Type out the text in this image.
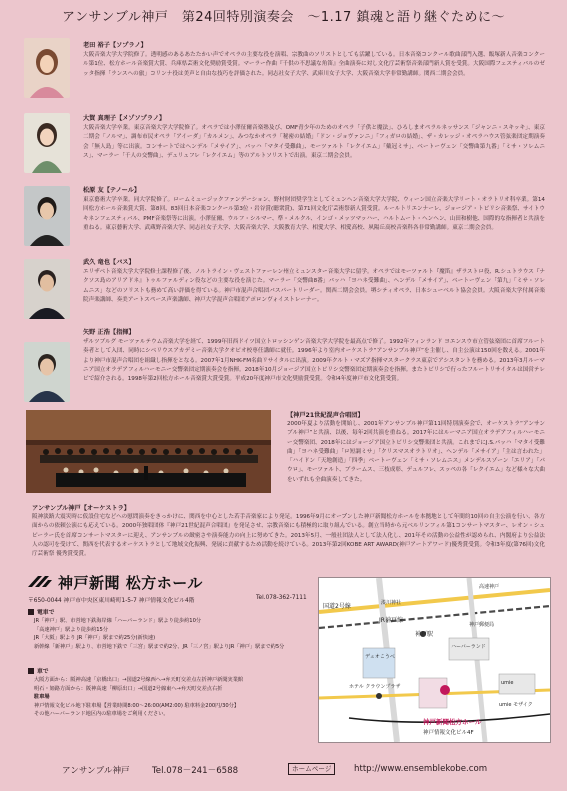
アンサンブル神戸　第24回特別演奏会　～1.17 鎮魂と語り継ぐために～
老田 裕子【ソプラノ】
大阪音楽大学大学院修了。透明感のあるあたたかい声でオペラの主要な役を演唱、宗教曲のソリストとしても活躍している。日本音楽コンクール歌曲部門入選、飯塚新人音楽コンクール第1位、松方ホール音楽賞大賞、兵庫県芸術文化奨励賞受賞。マーラー作曲『千供の不思議な角笛』全曲演奏に対し文化庁芸術祭音楽部門新人賞を受賞。大阪国際フェスティバルのゼッタ指揮「ランスへの旅」コリンナ役は美声と自由な技巧を評価された。同志社女子大学、武庫川女子大学、大阪音楽大学非常勤講師。関西二期会会員。
大賀 真理子【メゾソプラノ】
大阪音楽大学卒業。東京音楽大学大学院修了。オペラでは小澤征爾音楽塾及び、OMF青少年のためのオペラ「子供と魔法」、ひろしまオペラルネッサンス「ジャンニ・スキッキ」、東京二期会「ノルマ」、調布市民オペラ「アイーダ」「カルメン」、みつなかオペラ「秘密の結婚」「ドン・ジョヴァンニ」「フィガロの結婚」、ザ・カレッジ・オペラハウス管弦楽団定期演奏会「無人島」等に出演。コンサートではヘンデル「メサイア」、バッハ「マタイ受難曲」、モーツァルト「レクイエム」「戴冠ミサ」、ベートーヴェン「交響曲第九番」「ミサ・ソレムニス」、マーラー「千人の交響曲」、デュリュフレ「レクイエム」等のアルトソリストで出演。東京二期会会員。
松原 友【テノール】
東京藝術大学卒業。同大学院修了。ロームミュージックファンデーション、野村財団奨学生としてミュンヘン音楽大学大学院、ウィーン国立音楽大学リート・オラトリオ科卒業。第14回松方ホール音楽賞大賞、第8回、83回日本音楽コンクール第3位・岩谷賞(聴衆賞)、第71回文化庁芸術祭新人賞受賞。ルールトリエンナーレ、ジョージア・トビリシ音楽祭、サイトウキネンフェスティバル、PMF音楽祭等に出演。小澤征爾、ウルフ・シルマー、準・メルクル、インゴ・メッツマッハー、ハルトムート・ヘンヘン、山田和樹他、国際的な指揮者と共演を重ねる。東京藝術大学、武蔵野音楽大学、同志社女子大学、大阪音楽大学、大阪教育大学、相愛大学、相愛高校、夙陽丘高校音楽科各非常勤講師。東京二期会会員。
武久 竜也【バス】
エリザベト音楽大学大学院修士課程修了後、ノルトライン・ヴェストファーレン州立ミュンスター音楽大学に留学。オペラではモーツァルト『魔笛』ザラストロ役、R.シュトラウス『ナクソス島のアリアドネ』トゥルファルディン役などの主要な役を演じた。マーラー「交響曲8番」バッハ「ヨハネ受難曲」、ヘンデル「メサイア」、ベートーヴェン「第九」「ミサ・ソレムニス」などのソリストも務めて高い評価を得ている。神戸市混声合唱団バスパートリーダー。関西二期会会員。堺シティオペラ、日本シューベルト協会会員。大阪音楽大学付属音楽院声楽講師、奏美アートスペース声楽講師、神戸大学混声合唱団アポロンヴォイストレーナー。
矢野 正浩【指揮】
ザルツブルグ モーツァルテウム音楽大学を経て、1999年旧西ドイツ国立トロッシンゲン音楽大学大学院を最高点で修了。1992年フィンランド ヨエンスウ市立管弦楽団に首席フルート奏者として入団、同時にシベリウスアカデミー音楽大学クオピオ校専任講師に就任。1996年より室内オーケストラ“アンサンブル神戸”を主催し、自主公演は150回を数える。2001年より神戸市混声合唱団を組織し指揮をとなる。2007年1月NHK-FM名曲リサイタルに出演。2009年クルト・マズア指揮マスタークラス東京でアシスタントを務める。2013年3月ルーマニア国立オラデアフィルハーモニー交響楽団定期演奏会を指揮。2018年10月ジョージア国立トビリシ交響楽団定期演奏会を指揮。またトビリシで行ったフルートリサイタルは国営テレビで紹介される。1998年第2回松方ホール音楽賞大賞受賞。平成20年度神戸市文化奨励賞受賞。令和4年度神戸市文化賞受賞。
【神戸21世紀混声合唱団】
2000年夏より活動を開始し、2001年アンサンブル神戸第11回特別演奏会で、オーケストラ“アンサンブル神戸”と共演、以後、毎年2回共演を重ねる。2017年にはルーマニア国立オラデアフィルハーモニー交響楽団、2018年にはジョージア国立トビリシ交響楽団と共演。これまでにJ.S.バッハ「マタイ受難曲」「ヨハネ受難曲」「ロ短調ミサ」「クリスマスオラトリオ」、ヘンデル「メサイア」「主は言われた」「ハイドン「天地創造」「四季」ベートーヴェン「ミサ・ソレムニス」メンデルスゾーン「エリア」「パウロ」、モーツァルト、ブラームス、三枝成彰、デュルフレ、スッペの各「レクイエム」など様々な大曲をいずれも全曲演奏してきた。
アンサンブル神戸【オーケストラ】
阪神淡路大震災時に仮設住宅などへの慰問演奏をきっかけに、関西を中心とした若手音楽家により発足。1996年9月にオープンした神戸新聞松方ホールを本拠地として年間約10回の自主公演を行い、各方面からの依頼公演にも応えている。2000年独唱団体『神戸21世紀混声合唱団』を発足させ、宗教音楽にも積極的に取り組んでいる。創立当時から元ベルリンフィル第1コンサートマスター、レオン・シュピーラー氏を首席コンサートマスターに迎え、アンサンブルの緻密さや演奏能力の向上に努めてきた。2013年5月、一般社団法人として法人化し、201年その活動の公益性が認められ、内閣府より公益法人の認可を受けて、関西を代表するオーケストラとして地域文化振興、発展に貢献するため活動を続けている。2013年第2回KOBE ART AWARD(神戸アートアワード)優秀賞受賞。令和3年度(第76回)文化庁芸術祭 優秀賞受賞。
神戸新聞 松方ホール
〒650-0044 神戸市中央区東川崎町1-5-7 神戸情報文化ビル4階	Tel.078-362-7111
電車で
JR「神戸」駅、市営地下鉄海岸線「ハーバーランド」駅より徒歩約10分
「高速神戸」駅より徒歩約15分
JR「大阪」駅より JR「神戸」駅まで約25分(新快速)
新幹線「新神戸」駅より、市営地下鉄で「三宮」駅まで約2分、JR「三ノ宮」駅よりJR「神戸」駅まで約5分
車で
大阪方面から：阪神高速「京橋出口」→国道2号線西へ→弁天町交差点左折神戸新聞実業館
明石・姫路方面から：阪神高速「柳原出口」→国道2号線東へ→弁天町交差点右折
駐車場
神戸情報文化ビル地下駐車場【営業時間8:00～26:00(AM2:00) 駐車料金200円/30分】
その他ハーバーランド地区内の駐車場をご利用ください。
JR神戸線
国道2号線
高速神戸
神戸駅
デュオこうべ
ハーバーランド
umie
ホテル クラウンプラザ
umie モザイク
湊川神社
神戸郵便局
神戸新聞松方ホール
神戸情報文化ビル4F
アンサンブル神戸	Tel.078－241－6588	ホームページ	http://www.ensemblekobe.com
